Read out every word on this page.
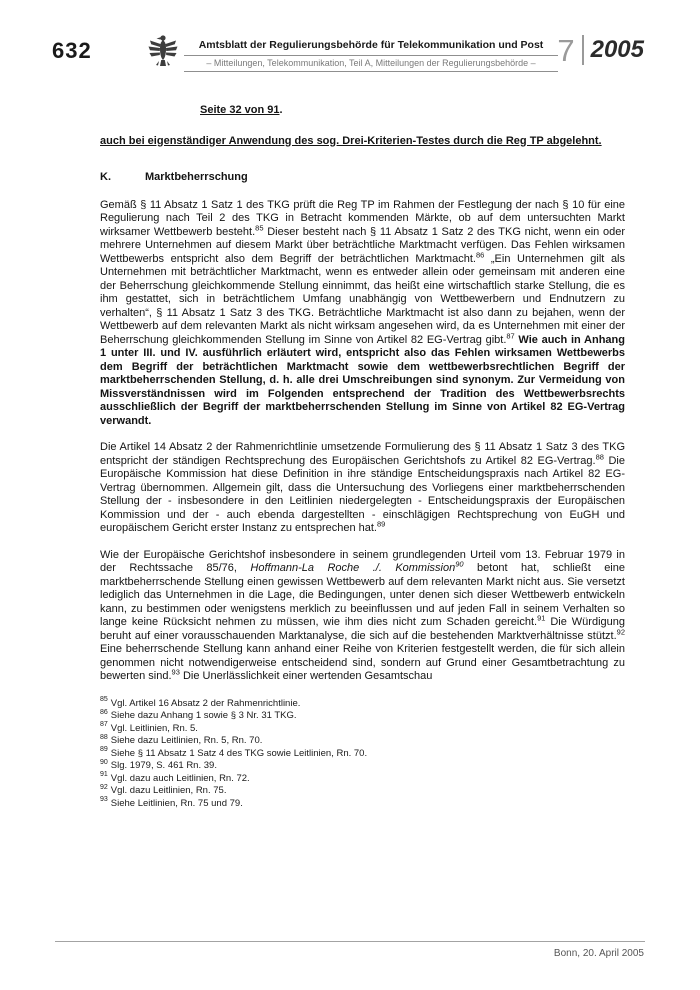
632	Amtsblatt der Regulierungsbehörde für Telekommunikation und Post
– Mitteilungen, Telekommunikation, Teil A, Mitteilungen der Regulierungsbehörde – 7 2005
Seite 32 von 91.

auch bei eigenständiger Anwendung des sog. Drei-Kriterien-Testes durch die Reg TP abgelehnt.

K.	Marktbeherrschung

Gemäß § 11 Absatz 1 Satz 1 des TKG prüft die Reg TP im Rahmen der Festlegung der nach § 10 für eine Regulierung nach Teil 2 des TKG in Betracht kommenden Märkte, ob auf dem untersuchten Markt wirksamer Wettbewerb besteht.$^{85}$ Dieser besteht nach § 11 Absatz 1 Satz 2 des TKG nicht, wenn ein oder mehrere Unternehmen auf diesem Markt über beträchtliche Marktmacht verfügen. Das Fehlen wirksamen Wettbewerbs entspricht also dem Begriff der beträchtlichen Marktmacht.$^{86}$ „Ein Unternehmen gilt als Unternehmen mit beträchtlicher Marktmacht, wenn es entweder allein oder gemeinsam mit anderen eine der Beherrschung gleichkommende Stellung einnimmt, das heißt eine wirtschaftlich starke Stellung, die es ihm gestattet, sich in beträchtlichem Umfang unabhängig von Wettbewerbern und Endnutzern zu verhalten“, § 11 Absatz 1 Satz 3 des TKG. Beträchtliche Marktmacht ist also dann zu bejahen, wenn der Wettbewerb auf dem relevanten Markt als nicht wirksam angesehen wird, da es Unternehmen mit einer der Beherrschung gleichkommenden Stellung im Sinne von Artikel 82 EG-Vertrag gibt.$^{87}$ Wie auch in Anhang 1 unter III. und IV. ausführlich erläutert wird, entspricht also das Fehlen wirksamen Wettbewerbs dem Begriff der beträchtlichen Marktmacht sowie dem wettbewerbsrechtlichen Begriff der marktbeherrschenden Stellung, d. h. alle drei Umschreibungen sind synonym. Zur Vermeidung von Missverständnissen wird im Folgenden entsprechend der Tradition des Wettbewerbsrechts ausschließlich der Begriff der marktbeherrschenden Stellung im Sinne von Artikel 82 EG-Vertrag verwandt.

Die Artikel 14 Absatz 2 der Rahmenrichtlinie umsetzende Formulierung des § 11 Absatz 1 Satz 3 des TKG entspricht der ständigen Rechtsprechung des Europäischen Gerichtshofs zu Artikel 82 EG-Vertrag.$^{88}$ Die Europäische Kommission hat diese Definition in ihre ständige Entscheidungspraxis nach Artikel 82 EG-Vertrag übernommen. Allgemein gilt, dass die Untersuchung des Vorliegens einer marktbeherrschenden Stellung der - insbesondere in den Leitlinien niedergelegten - Entscheidungspraxis der Europäischen Kommission und der - auch ebenda dargestellten - einschlägigen Rechtsprechung von EuGH und europäischem Gericht erster Instanz zu entsprechen hat.$^{89}$

Wie der Europäische Gerichtshof insbesondere in seinem grundlegenden Urteil vom 13. Februar 1979 in der Rechtssache 85/76, Hoffmann-La Roche ./. Kommission$^{90}$ betont hat, schließt eine marktbeherrschende Stellung einen gewissen Wettbewerb auf dem relevanten Markt nicht aus. Sie versetzt lediglich das Unternehmen in die Lage, die Bedingungen, unter denen sich dieser Wettbewerb entwickeln kann, zu bestimmen oder wenigstens merklich zu beeinflussen und auf jeden Fall in seinem Verhalten so lange keine Rücksicht nehmen zu müssen, wie ihm dies nicht zum Schaden gereicht.$^{91}$ Die Würdigung beruht auf einer vorausschauenden Marktanalyse, die sich auf die bestehenden Marktverhältnisse stützt.$^{92}$ Eine beherrschende Stellung kann anhand einer Reihe von Kriterien festgestellt werden, die für sich allein genommen nicht notwendigerweise entscheidend sind, sondern auf Grund einer Gesamtbetrachtung zu bewerten sind.$^{93}$ Die Unerlässlichkeit einer wertenden Gesamtschau

$^{85}$ Vgl. Artikel 16 Absatz 2 der Rahmenrichtlinie.
$^{86}$ Siehe dazu Anhang 1 sowie § 3 Nr. 31 TKG.
$^{87}$ Vgl. Leitlinien, Rn. 5.
$^{88}$ Siehe dazu Leitlinien, Rn. 5, Rn. 70.
$^{89}$ Siehe § 11 Absatz 1 Satz 4 des TKG sowie Leitlinien, Rn. 70.
$^{90}$ Slg. 1979, S. 461 Rn. 39.
$^{91}$ Vgl. dazu auch Leitlinien, Rn. 72.
$^{92}$ Vgl. dazu Leitlinien, Rn. 75.
$^{93}$ Siehe Leitlinien, Rn. 75 und 79.
Bonn, 20. April 2005
